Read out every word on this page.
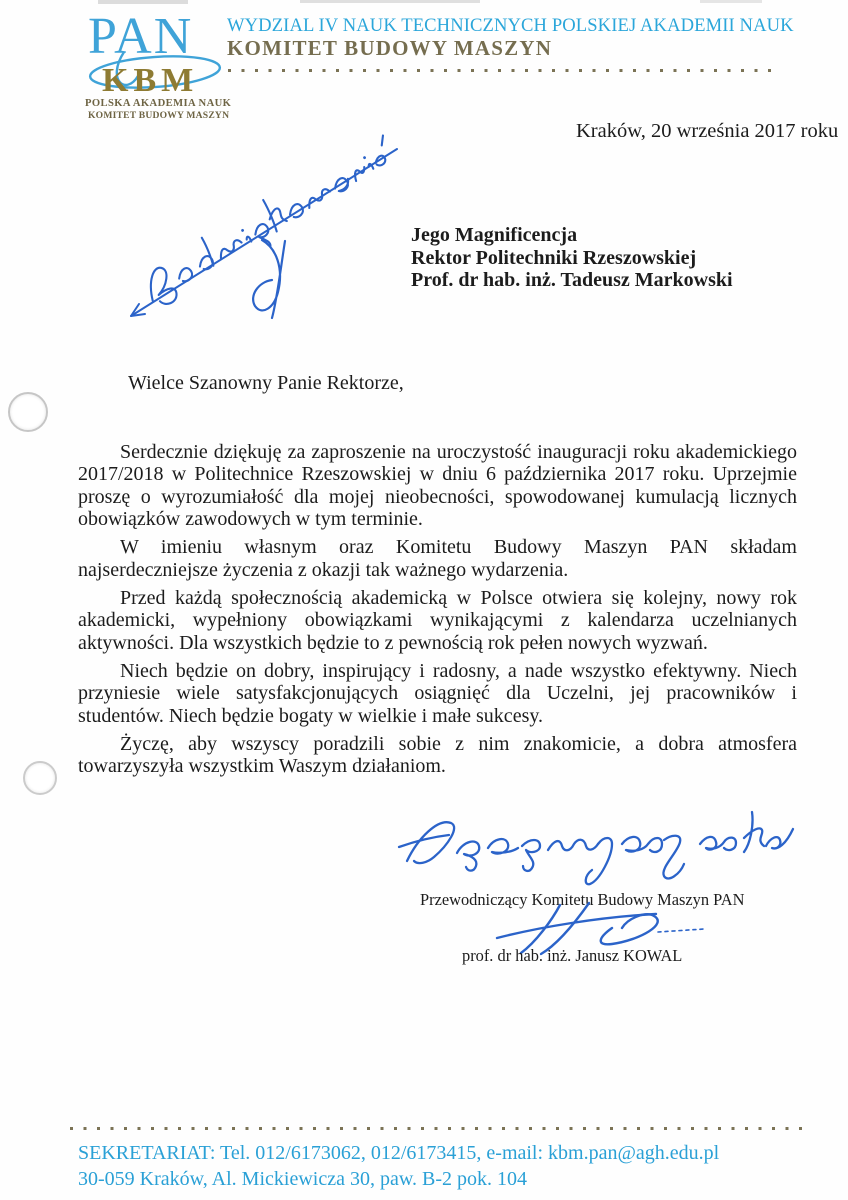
PAN
KBM
POLSKA AKADEMIA NAUK
KOMITET BUDOWY MASZYN
WYDZIAL IV NAUK TECHNICZNYCH POLSKIEJ AKADEMII NAUK
KOMITET BUDOWY MASZYN
Kraków, 20 września 2017 roku
Jego Magnificencja
Rektor Politechniki Rzeszowskiej
Prof. dr hab. inż. Tadeusz Markowski
Wielce Szanowny Panie Rektorze,

Serdecznie dziękuję za zaproszenie na uroczystość inauguracji roku akademickiego 2017/2018 w Politechnice Rzeszowskiej w dniu 6 października 2017 roku. Uprzejmie proszę o wyrozumiałość dla mojej nieobecności, spowodowanej kumulacją licznych obowiązków zawodowych w tym terminie.

W imieniu własnym oraz Komitetu Budowy Maszyn PAN składam najserdeczniejsze życzenia z okazji tak ważnego wydarzenia.

Przed każdą społecznością akademicką w Polsce otwiera się kolejny, nowy rok akademicki, wypełniony obowiązkami wynikającymi z kalendarza uczelnianych aktywności. Dla wszystkich będzie to z pewnością rok pełen nowych wyzwań.

Niech będzie on dobry, inspirujący i radosny, a nade wszystko efektywny. Niech przyniesie wiele satysfakcjonujących osiągnięć dla Uczelni, jej pracowników i studentów. Niech będzie bogaty w wielkie i małe sukcesy.

Życzę, aby wszyscy poradzili sobie z nim znakomicie, a dobra atmosfera towarzyszyła wszystkim Waszym działaniom.

Przewodniczący Komitetu Budowy Maszyn PAN
prof. dr hab. inż. Janusz KOWAL
SEKRETARIAT: Tel. 012/6173062, 012/6173415, e-mail: kbm.pan@agh.edu.pl
30-059 Kraków, Al. Mickiewicza 30, paw. B-2 pok. 104
